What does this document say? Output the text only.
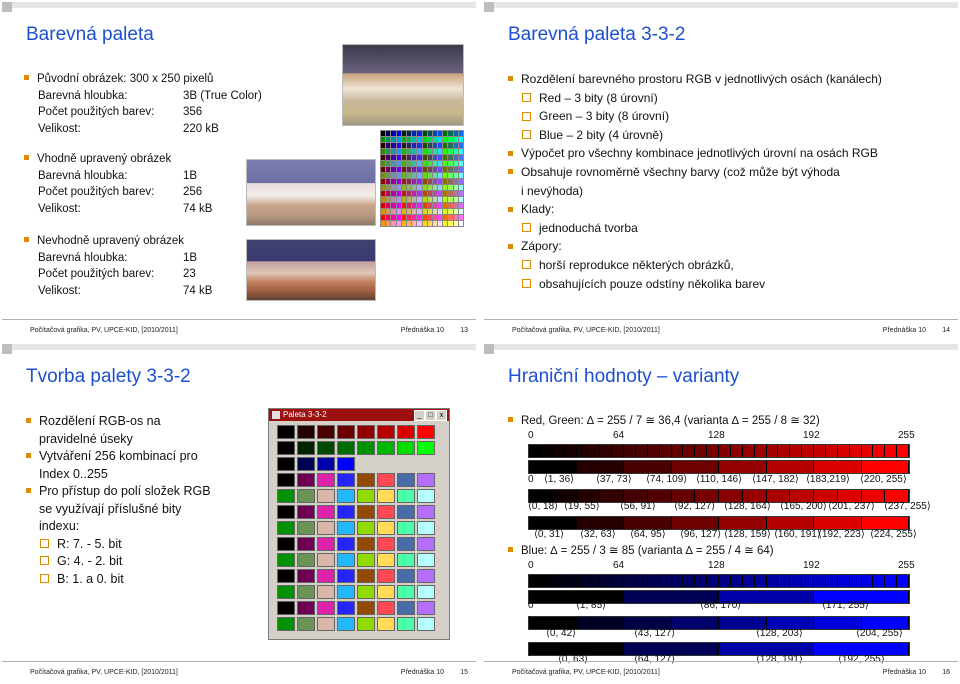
Barevná paleta
Původní obrázek: 300 x 250 pixelů
Barevná hloubka:	3B (True Color)
Počet použitých barev:	356
Velikost:	220 kB
Vhodně upravený obrázek
Barevná hloubka:	1B
Počet použitých barev:	256
Velikost:	74 kB
Nevhodně upravený obrázek
Barevná hloubka:	1B
Počet použitých barev:	23
Velikost:	74 kB
Počítačová grafika, PV, UPCE-KID, [2010/2011]	Přednáška 10 13
Barevná paleta 3-3-2
Rozdělení barevného prostoru RGB v jednotlivých osách (kanálech)
Red – 3 bity (8 úrovní)
Green – 3 bity (8 úrovní)
Blue – 2 bity (4 úrovně)
Výpočet pro všechny kombinace jednotlivých úrovní na osách RGB
Obsahuje rovnoměrně všechny barvy (což může být výhoda
i nevýhoda)
Klady:
jednoduchá tvorba
Zápory:
horší reprodukce některých obrázků,
obsahujících pouze odstíny několika barev
Počítačová grafika, PV, UPCE-KID, [2010/2011]	Přednáška 10 14
Tvorba palety 3-3-2
Rozdělení RGB-os na
pravidelné úseky
Vytváření 256 kombinací pro
Index 0..255
Pro přístup do polí složek RGB
se využívají příslušné bity
indexu:
R: 7. - 5. bit
G: 4. - 2. bit
B: 1. a 0. bit
Paleta 3-3-2	_ □	x
Počítačová grafika, PV, UPCE-KID, [2010/2011]	Přednáška 10 15
Hraniční hodnoty – varianty
Red, Green: ∆ = 255 / 7 ≅ 36,4 (varianta ∆ = 255 / 8 ≅ 32)
Blue: ∆ = 255 / 3 ≅ 85 (varianta ∆ = 255 / 4 ≅ 64)
0	64	128	192	255
0 ⟨1, 36⟩ ⟨37, 73⟩ ⟨74, 109⟩ ⟨110, 146⟩ ⟨147, 182⟩ ⟨183,219⟩ ⟨220, 255⟩
⟨0, 18⟩ ⟨19, 55⟩ ⟨56, 91⟩ ⟨92, 127⟩ ⟨128, 164⟩ ⟨165, 200⟩ ⟨201, 237⟩ ⟨237, 255⟩
⟨0, 31⟩ ⟨32, 63⟩ ⟨64, 95⟩ ⟨96, 127⟩ ⟨128, 159⟩ ⟨160, 191⟩
⟨192, 223⟩ ⟨224, 255⟩
0	64	128	192	255
0	⟨1, 85⟩	⟨86, 170⟩	⟨171, 255⟩
⟨0, 42⟩	⟨43, 127⟩	⟨128, 203⟩	⟨204, 255⟩
⟨0, 63⟩	⟨64, 127⟩	⟨128, 191⟩	⟨192, 255⟩
Počítačová grafika, PV, UPCE-KID, [2010/2011]	Přednáška 10 16
